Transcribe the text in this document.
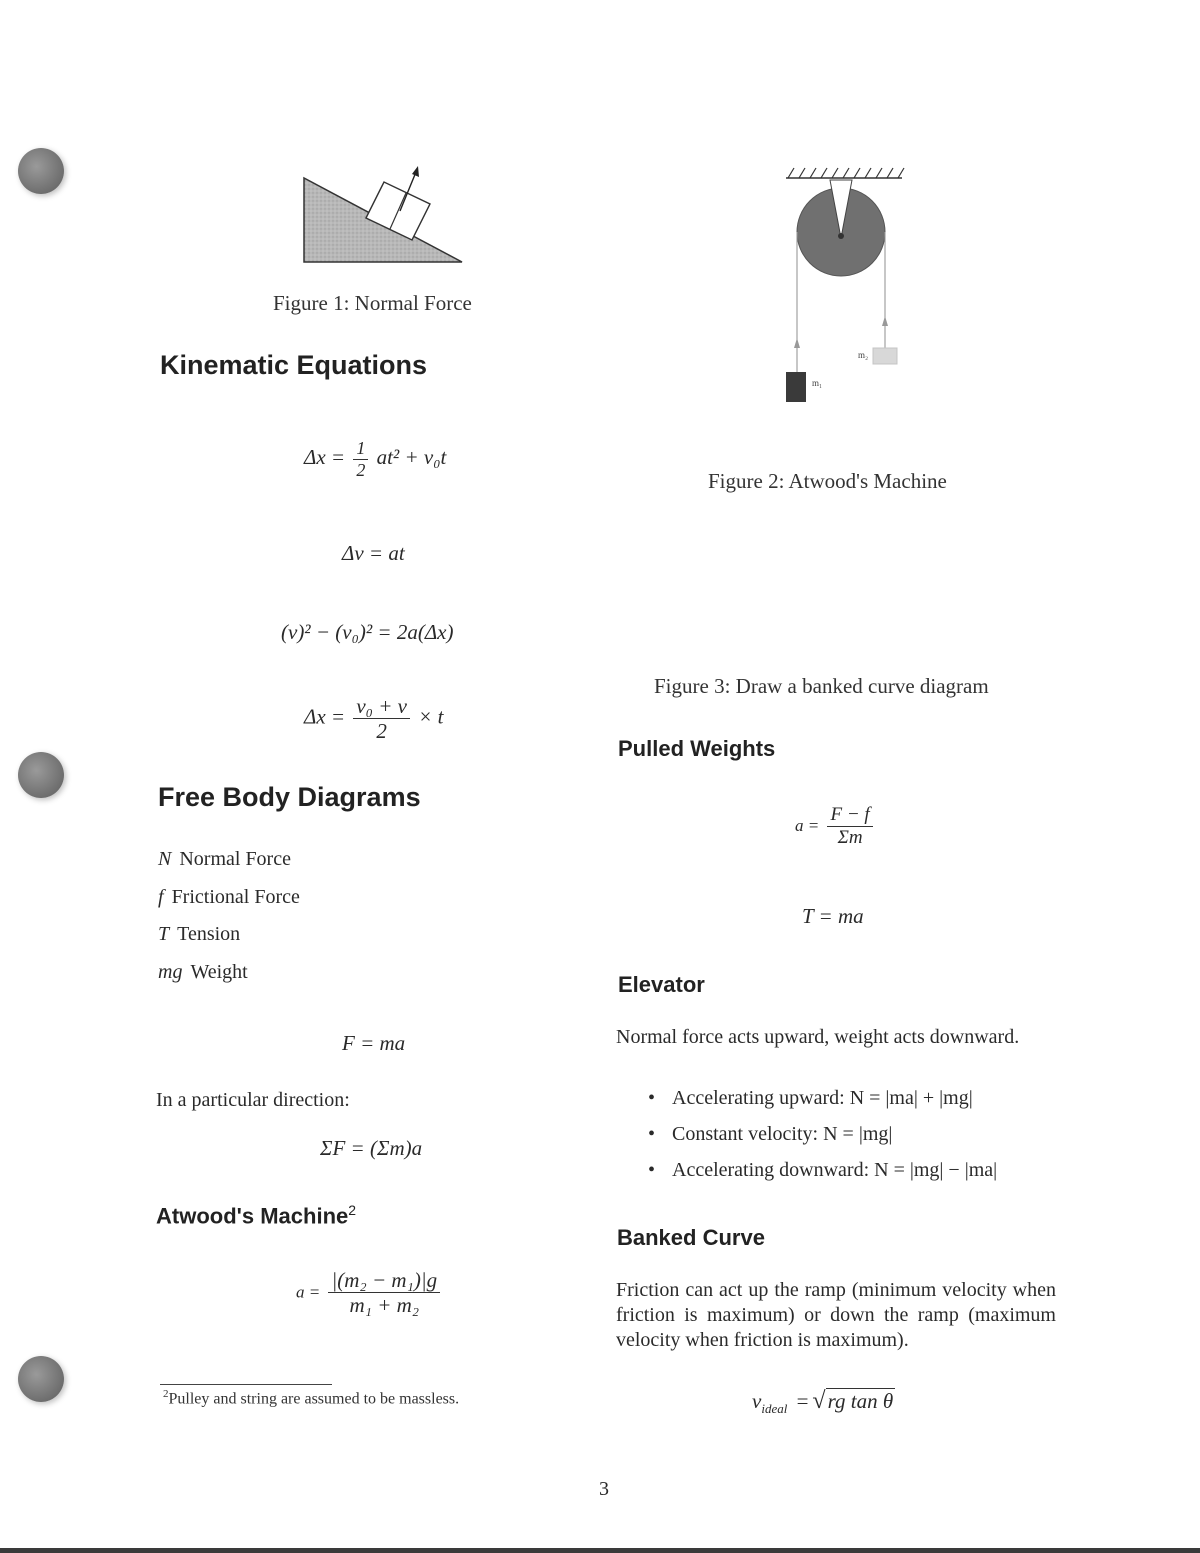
Figure 1: Normal Force
m₁
m₂
Figure 2: Atwood's Machine
Figure 3: Draw a banked curve diagram
Kinematic Equations
$\Delta x = \frac{1}{2} at^2 + v_0t$
Δv = at
(v)² − (v₀)² = 2a(Δx)
$\Delta x = \frac{\text{v₀ + v}}{2} \times t$
Free Body Diagrams
N Normal Force
f Frictional Force
T Tension
mg Weight
F = ma
In a particular direction:
ΣF = (Σm)a
Atwood's Machine$^2$
$a = \frac{\text{|(m₂ − m₁)|g}}{\text{m₁ + m₂}}$
$^2$Pulley and string are assumed to be massless.
Pulled Weights
$a = \frac{F - f}{\Sigma m}$
T = ma
Elevator
Normal force acts upward, weight acts downward.
• Accelerating upward: N = |ma| + |mg|
• Constant velocity: N = |mg|
• Accelerating downward: N = |mg| − |ma|
Banked Curve
Friction can act up the ramp (minimum velocity when friction is maximum) or down the ramp (maximum velocity when friction is maximum).
$v_{ideal} = √rg$ tan θ
3
